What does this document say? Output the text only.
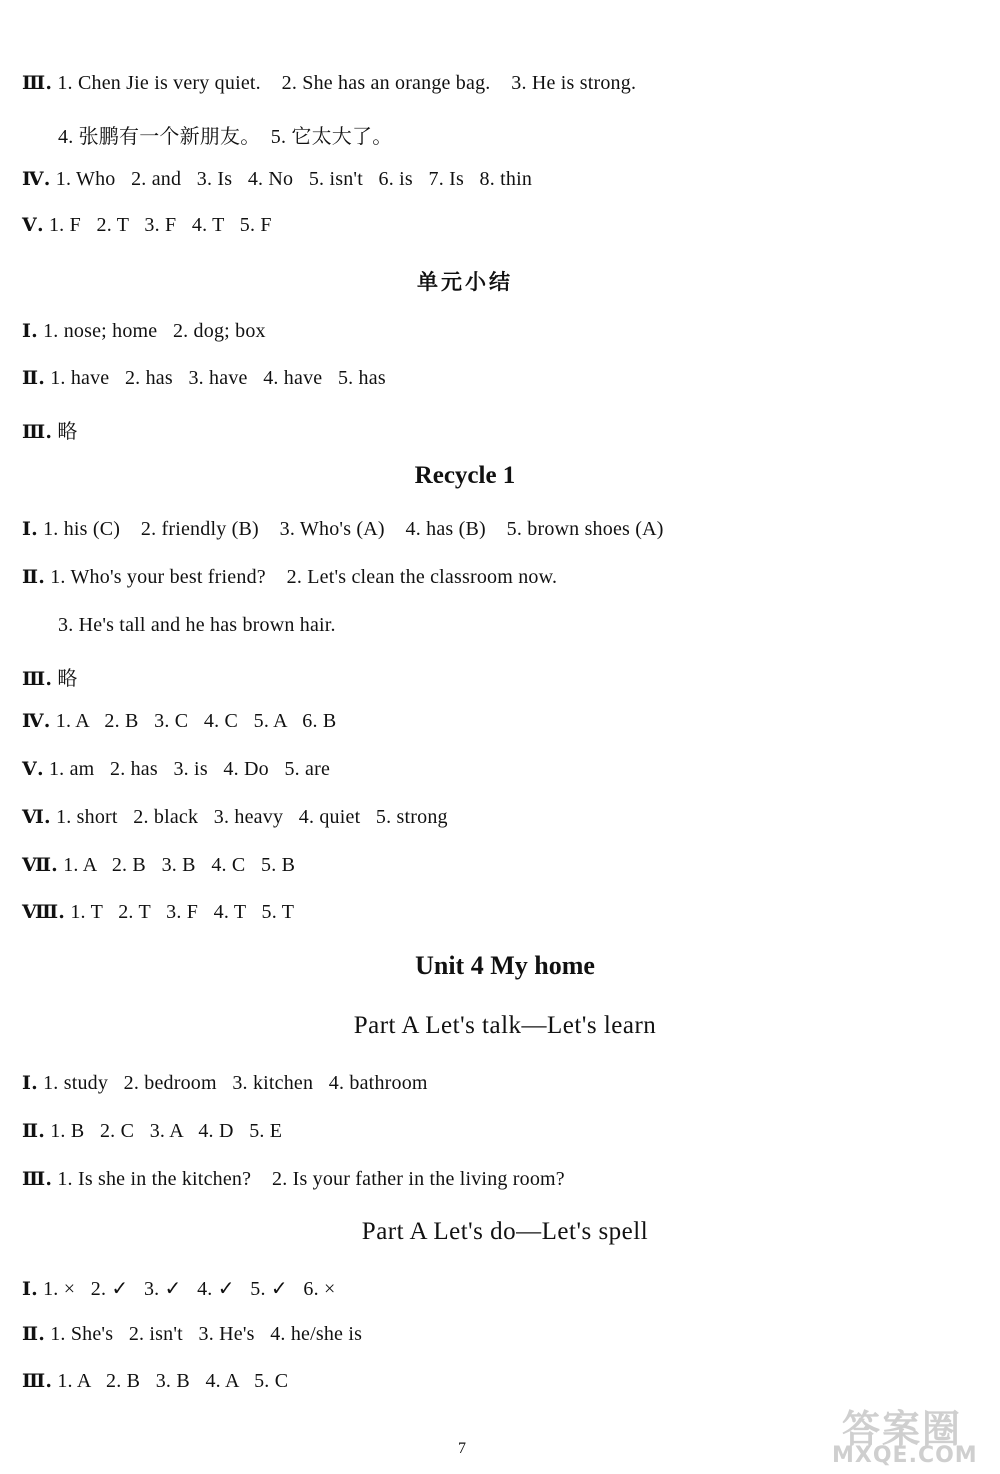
Ⅲ. 1. Chen Jie is very quiet.    2. She has an orange bag.    3. He is strong.
4. 张鹏有一个新朋友。  5. 它太大了。
Ⅳ. 1. Who   2. and   3. Is   4. No   5. isn't   6. is   7. Is   8. thin
Ⅴ. 1. F   2. T   3. F   4. T   5. F
单元小结
Ⅰ. 1. nose; home   2. dog; box
Ⅱ. 1. have   2. has   3. have   4. have   5. has
Ⅲ. 略
Recycle 1
Ⅰ. 1. his (C)    2. friendly (B)    3. Who's (A)    4. has (B)    5. brown shoes (A)
Ⅱ. 1. Who's your best friend?    2. Let's clean the classroom now.
3. He's tall and he has brown hair.
Ⅲ. 略
Ⅳ. 1. A   2. B   3. C   4. C   5. A   6. B
Ⅴ. 1. am   2. has   3. is   4. Do   5. are
Ⅵ. 1. short   2. black   3. heavy   4. quiet   5. strong
Ⅶ. 1. A   2. B   3. B   4. C   5. B
Ⅷ. 1. T   2. T   3. F   4. T   5. T
Unit 4 My home
Part A Let's talk—Let's learn
Ⅰ. 1. study   2. bedroom   3. kitchen   4. bathroom
Ⅱ. 1. B   2. C   3. A   4. D   5. E
Ⅲ. 1. Is she in the kitchen?    2. Is your father in the living room?
Part A Let's do—Let's spell
Ⅰ. 1. ×   2. ✓   3. ✓   4. ✓   5. ✓   6. ×
Ⅱ. 1. She's   2. isn't   3. He's   4. he/she is
Ⅲ. 1. A   2. B   3. B   4. A   5. C
7	答案圈
MXQE.COM
